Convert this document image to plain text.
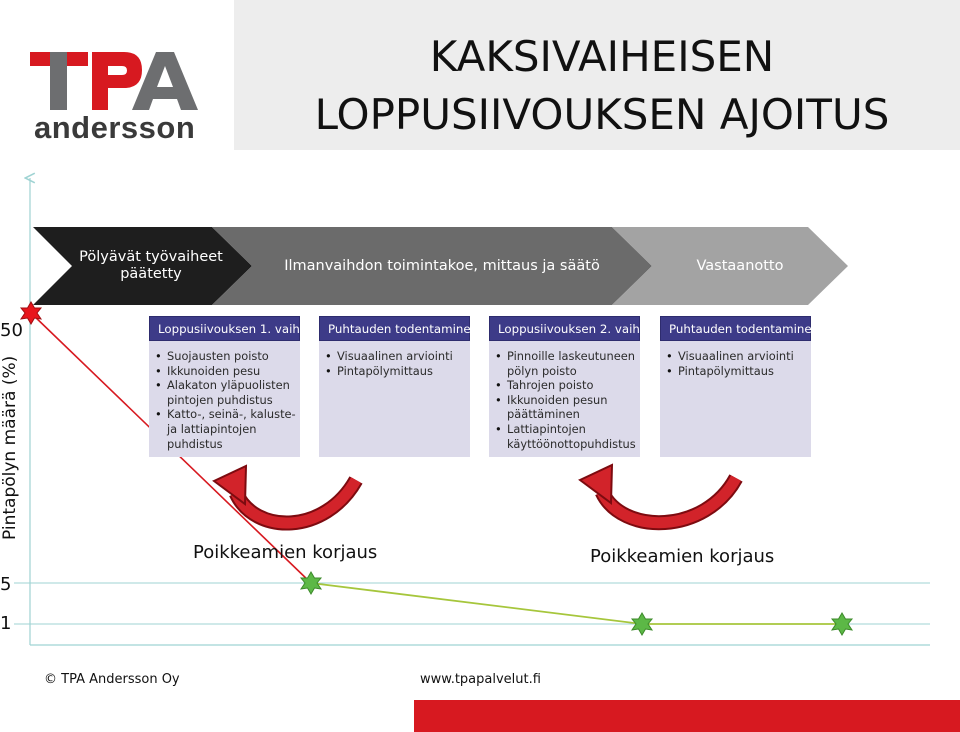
KAKSIVAIHEISEN
LOPPUSIIVOUKSEN AJOITUS
andersson
Pintapölyn määrä (%)
50
5
1
Pölyävät työvaiheet
päätetty	Ilmanvaihdon toimintakoe, mittaus ja säätö	Vastaanotto
Loppusiivouksen 1. vaihe
• Suojausten poisto
• Ikkunoiden pesu
• Alakaton yläpuolisten pintojen puhdistus
• Katto-, seinä-, kaluste- ja lattiapintojen puhdistus
Puhtauden todentaminen
• Visuaalinen arviointi
• Pintapölymittaus
Loppusiivouksen 2. vaihe
• Pinnoille laskeutuneen pölyn poisto
• Tahrojen poisto
• Ikkunoiden pesun päättäminen
• Lattiapintojen käyttöönottopuhdistus
Puhtauden todentaminen
• Visuaalinen arviointi
• Pintapölymittaus
Poikkeamien korjaus	Poikkeamien korjaus
© TPA Andersson Oy	www.tpapalvelut.fi
